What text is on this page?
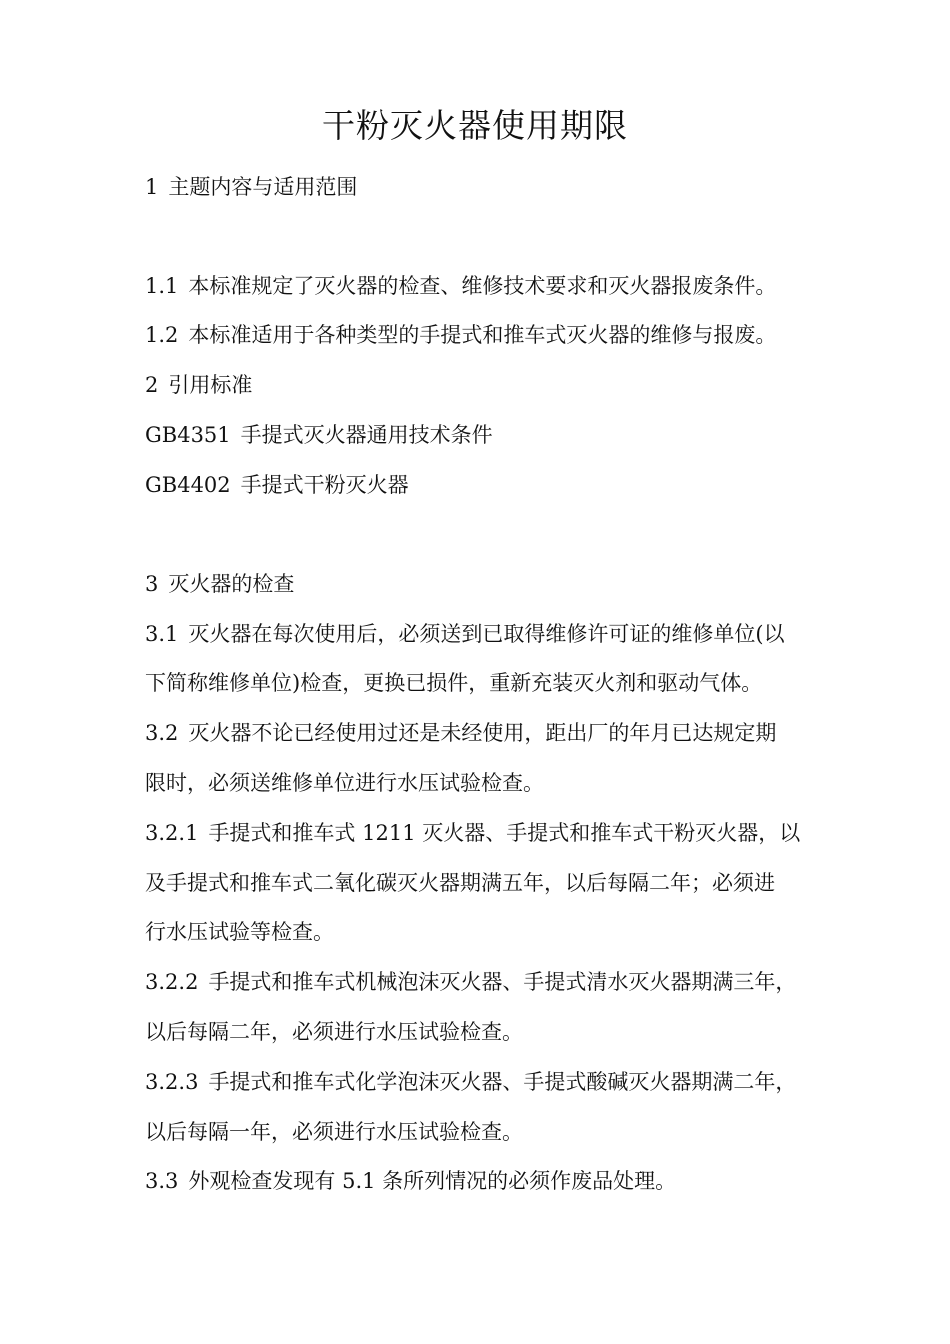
干粉灭火器使用期限
1 主题内容与适用范围
1.1 本标准规定了灭火器的检查、维修技术要求和灭火器报废条件。
1.2 本标准适用于各种类型的手提式和推车式灭火器的维修与报废。
2 引用标准
GB4351 手提式灭火器通用技术条件
GB4402 手提式干粉灭火器
3 灭火器的检查
3.1 灭火器在每次使用后，必须送到已取得维修许可证的维修单位(以
下简称维修单位)检查，更换已损件，重新充装灭火剂和驱动气体。
3.2 灭火器不论已经使用过还是未经使用，距出厂的年月已达规定期
限时，必须送维修单位进行水压试验检查。
3.2.1 手提式和推车式 1211 灭火器、手提式和推车式干粉灭火器，以
及手提式和推车式二氧化碳灭火器期满五年，以后每隔二年；必须进
行水压试验等检查。
3.2.2 手提式和推车式机械泡沫灭火器、手提式清水灭火器期满三年，
以后每隔二年，必须进行水压试验检查。
3.2.3 手提式和推车式化学泡沫灭火器、手提式酸碱灭火器期满二年，
以后每隔一年，必须进行水压试验检查。
3.3 外观检查发现有 5.1 条所列情况的必须作废品处理。
